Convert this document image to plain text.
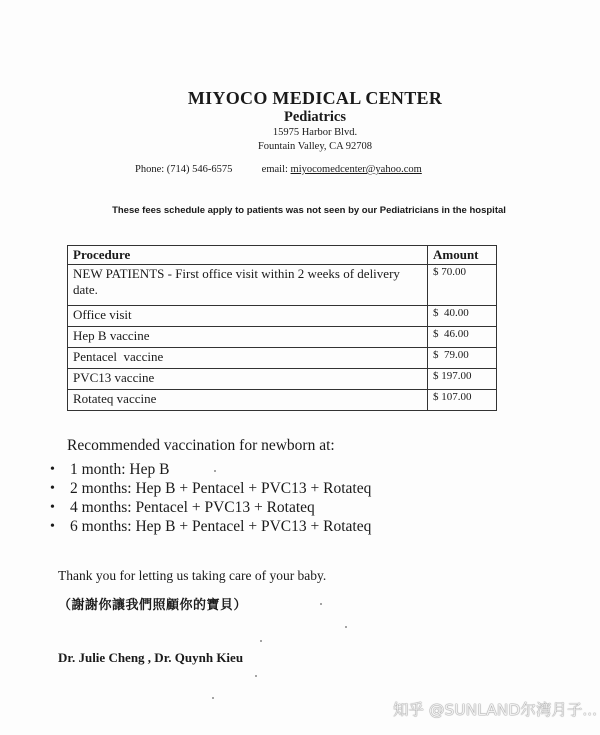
MIYOCO MEDICAL CENTER
Pediatrics
15975 Harbor Blvd.
Fountain Valley, CA 92708
Phone: (714) 546-6575	email: miyocomedcenter@yahoo.com
These fees schedule apply to patients was not seen by our Pediatricians in the hospital
Procedure	Amount
NEW PATIENTS - First office visit within 2 weeks of delivery date.	$ 70.00
Office visit	$  40.00
Hep B vaccine	$  46.00
Pentacel  vaccine	$  79.00
PVC13 vaccine	$ 197.00
Rotateq vaccine	$ 107.00
Recommended vaccination for newborn at:
• 1 month: Hep B
• 2 months: Hep B + Pentacel + PVC13 + Rotateq
• 4 months: Pentacel + PVC13 + Rotateq
• 6 months: Hep B + Pentacel + PVC13 + Rotateq
Thank you for letting us taking care of your baby.
（謝謝你讓我們照顧你的寶貝）
Dr. Julie Cheng , Dr. Quynh Kieu
知乎 @SUNLAND尔湾月子...
